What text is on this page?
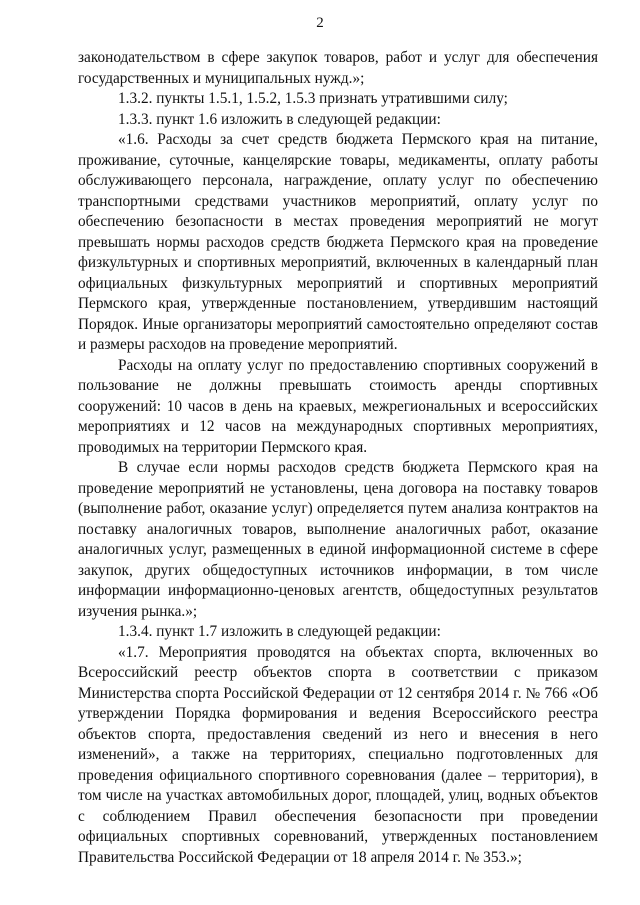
2

законодательством в сфере закупок товаров, работ и услуг для обеспечения государственных и муниципальных нужд.»;

1.3.2. пункты 1.5.1, 1.5.2, 1.5.3 признать утратившими силу;

1.3.3. пункт 1.6 изложить в следующей редакции:

«1.6. Расходы за счет средств бюджета Пермского края на питание, проживание, суточные, канцелярские товары, медикаменты, оплату работы обслуживающего персонала, награждение, оплату услуг по обеспечению транспортными средствами участников мероприятий, оплату услуг по обеспечению безопасности в местах проведения мероприятий не могут превышать нормы расходов средств бюджета Пермского края на проведение физкультурных и спортивных мероприятий, включенных в календарный план официальных физкультурных мероприятий и спортивных мероприятий Пермского края, утвержденные постановлением, утвердившим настоящий Порядок. Иные организаторы мероприятий самостоятельно определяют состав и размеры расходов на проведение мероприятий.

Расходы на оплату услуг по предоставлению спортивных сооружений в пользование не должны превышать стоимость аренды спортивных сооружений: 10 часов в день на краевых, межрегиональных и всероссийских мероприятиях и 12 часов на международных спортивных мероприятиях, проводимых на территории Пермского края.

В случае если нормы расходов средств бюджета Пермского края на проведение мероприятий не установлены, цена договора на поставку товаров (выполнение работ, оказание услуг) определяется путем анализа контрактов на поставку аналогичных товаров, выполнение аналогичных работ, оказание аналогичных услуг, размещенных в единой информационной системе в сфере закупок, других общедоступных источников информации, в том числе информации информационно-ценовых агентств, общедоступных результатов изучения рынка.»;

1.3.4. пункт 1.7 изложить в следующей редакции:

«1.7. Мероприятия проводятся на объектах спорта, включенных во Всероссийский реестр объектов спорта в соответствии с приказом Министерства спорта Российской Федерации от 12 сентября 2014 г. № 766 «Об утверждении Порядка формирования и ведения Всероссийского реестра объектов спорта, предоставления сведений из него и внесения в него изменений», а также на территориях, специально подготовленных для проведения официального спортивного соревнования (далее – территория), в том числе на участках автомобильных дорог, площадей, улиц, водных объектов с соблюдением Правил обеспечения безопасности при проведении официальных спортивных соревнований, утвержденных постановлением Правительства Российской Федерации от 18 апреля 2014 г. № 353.»;
